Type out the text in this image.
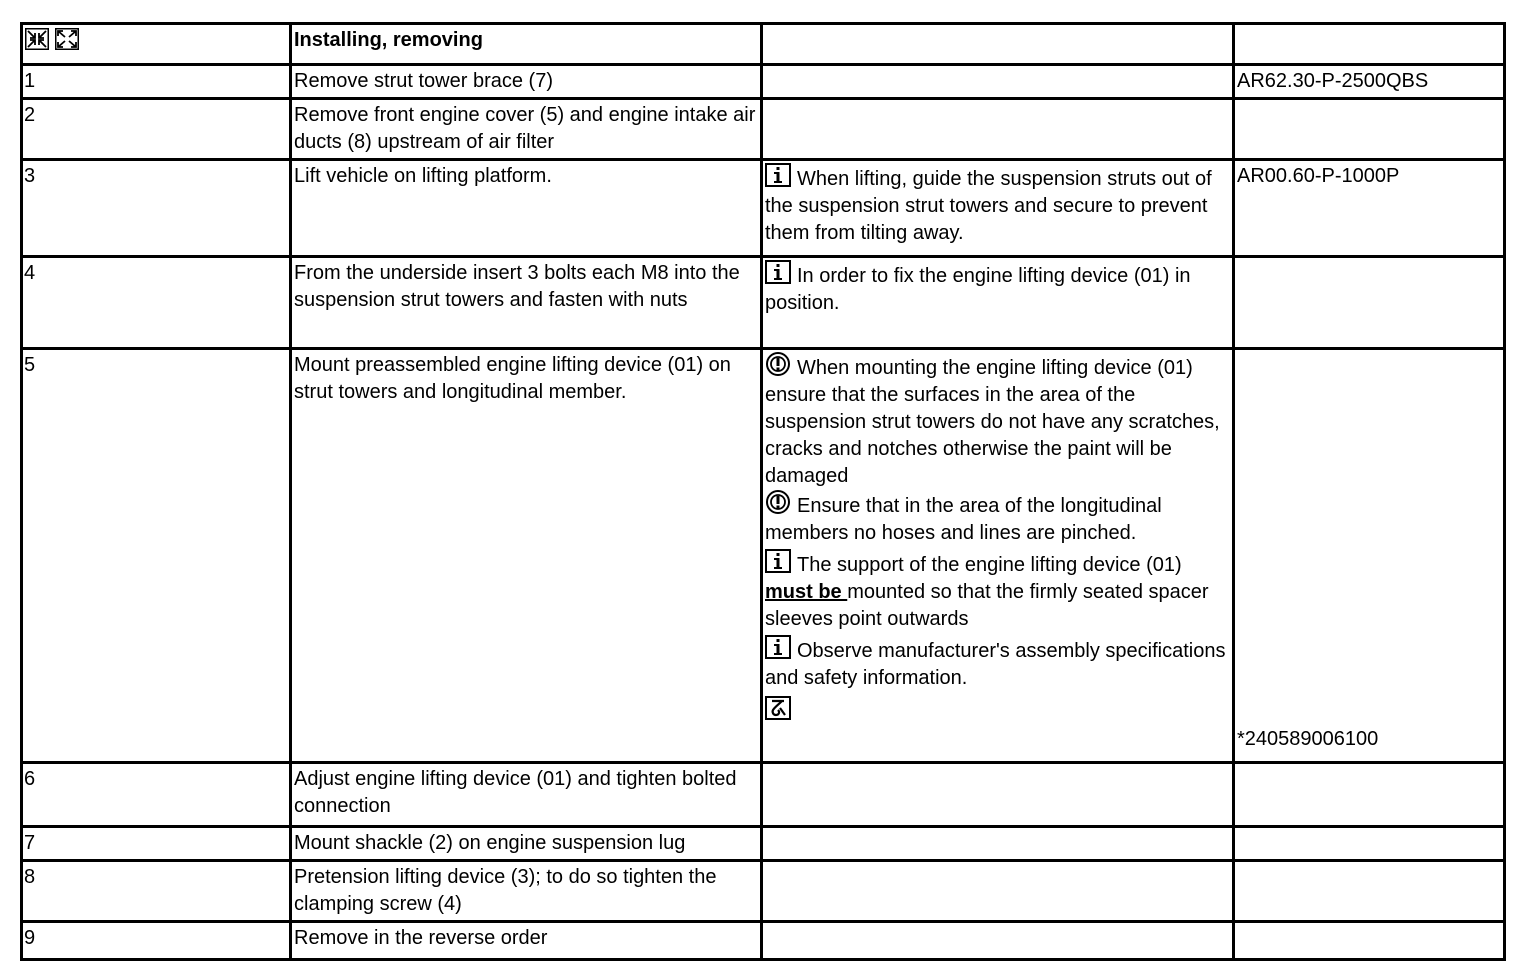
	Installing, removing		
1	Remove strut tower brace (7)		AR62.30-P-2500QBS
2	Remove front engine cover (5) and engine intake air ducts (8) upstream of air filter		
3	Lift vehicle on lifting platform.	When lifting, guide the suspension struts out of the suspension strut towers and secure to prevent them from tilting away.	AR00.60-P-1000P
4	From the underside insert 3 bolts each M8 into the suspension strut towers and fasten with nuts	In order to fix the engine lifting device (01) in position.	
5	Mount preassembled engine lifting device (01) on strut towers and longitudinal member.	When mounting the engine lifting device (01) ensure that the surfaces in the area of the suspension strut towers do not have any scratches, cracks and notches otherwise the paint will be damaged
Ensure that in the area of the longitudinal members no hoses and lines are pinched.
The support of the engine lifting device (01) must be mounted so that the firmly seated spacer sleeves point outwards
Observe manufacturer's assembly specifications and safety information.	*240589006100
6	Adjust engine lifting device (01) and tighten bolted connection		
7	Mount shackle (2) on engine suspension lug		
8	Pretension lifting device (3); to do so tighten the clamping screw (4)		
9	Remove in the reverse order		
